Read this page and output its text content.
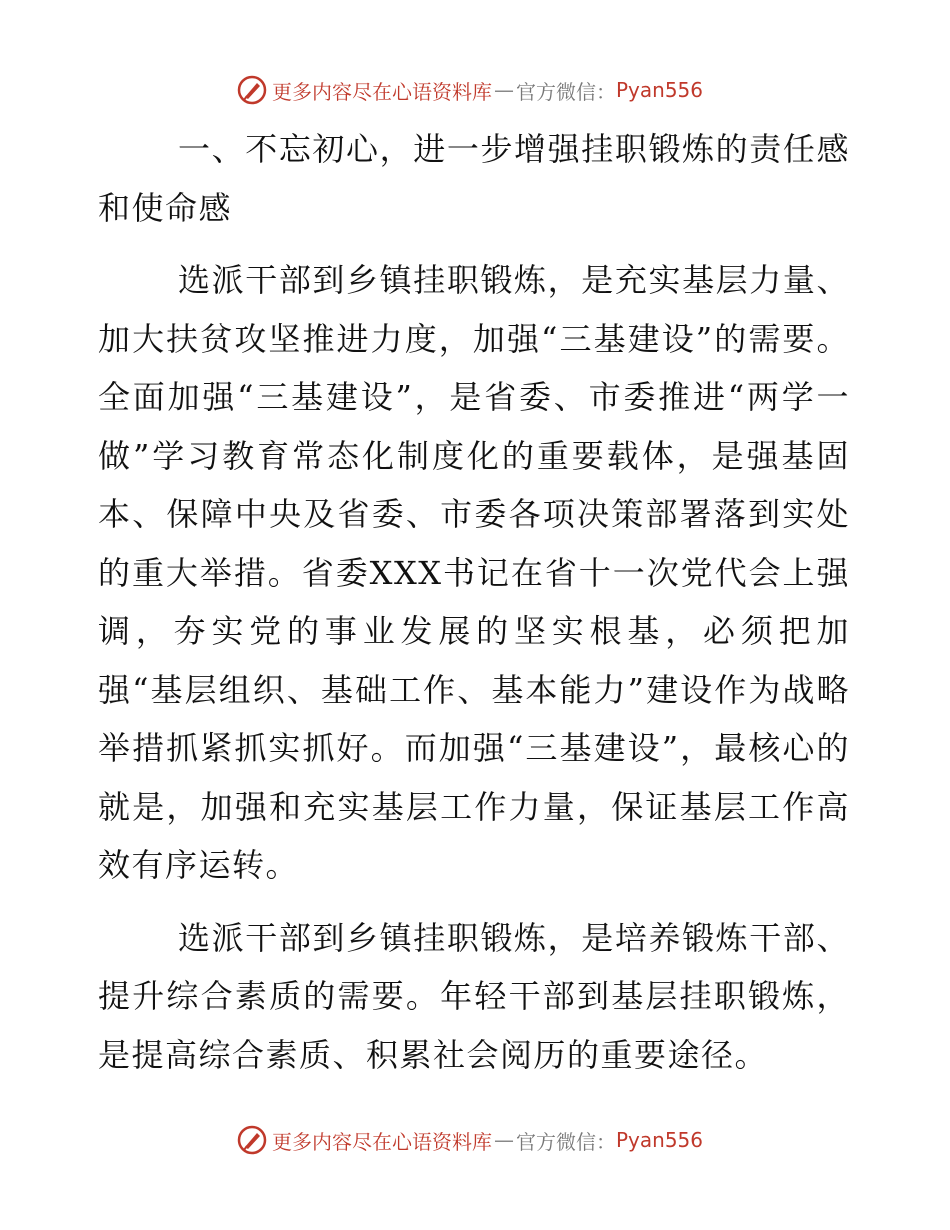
更多内容尽在心语资料库 — 官方微信： Pyan556

一、不忘初心，进一步增强挂职锻炼的责任感和使命感

选派干部到乡镇挂职锻炼，是充实基层力量、加大扶贫攻坚推进力度，加强“三基建设”的需要。全面加强“三基建设”，是省委、市委推进“两学一做”学习教育常态化制度化的重要载体，是强基固本、保障中央及省委、市委各项决策部署落到实处的重大举措。省委XXX书记在省十一次党代会上强调，夯实党的事业发展的坚实根基，必须把加强“基层组织、基础工作、基本能力”建设作为战略举措抓紧抓实抓好。而加强“三基建设”，最核心的就是，加强和充实基层工作力量，保证基层工作高效有序运转。

选派干部到乡镇挂职锻炼，是培养锻炼干部、提升综合素质的需要。年轻干部到基层挂职锻炼，是提高综合素质、积累社会阅历的重要途径。

更多内容尽在心语资料库 — 官方微信： Pyan556
